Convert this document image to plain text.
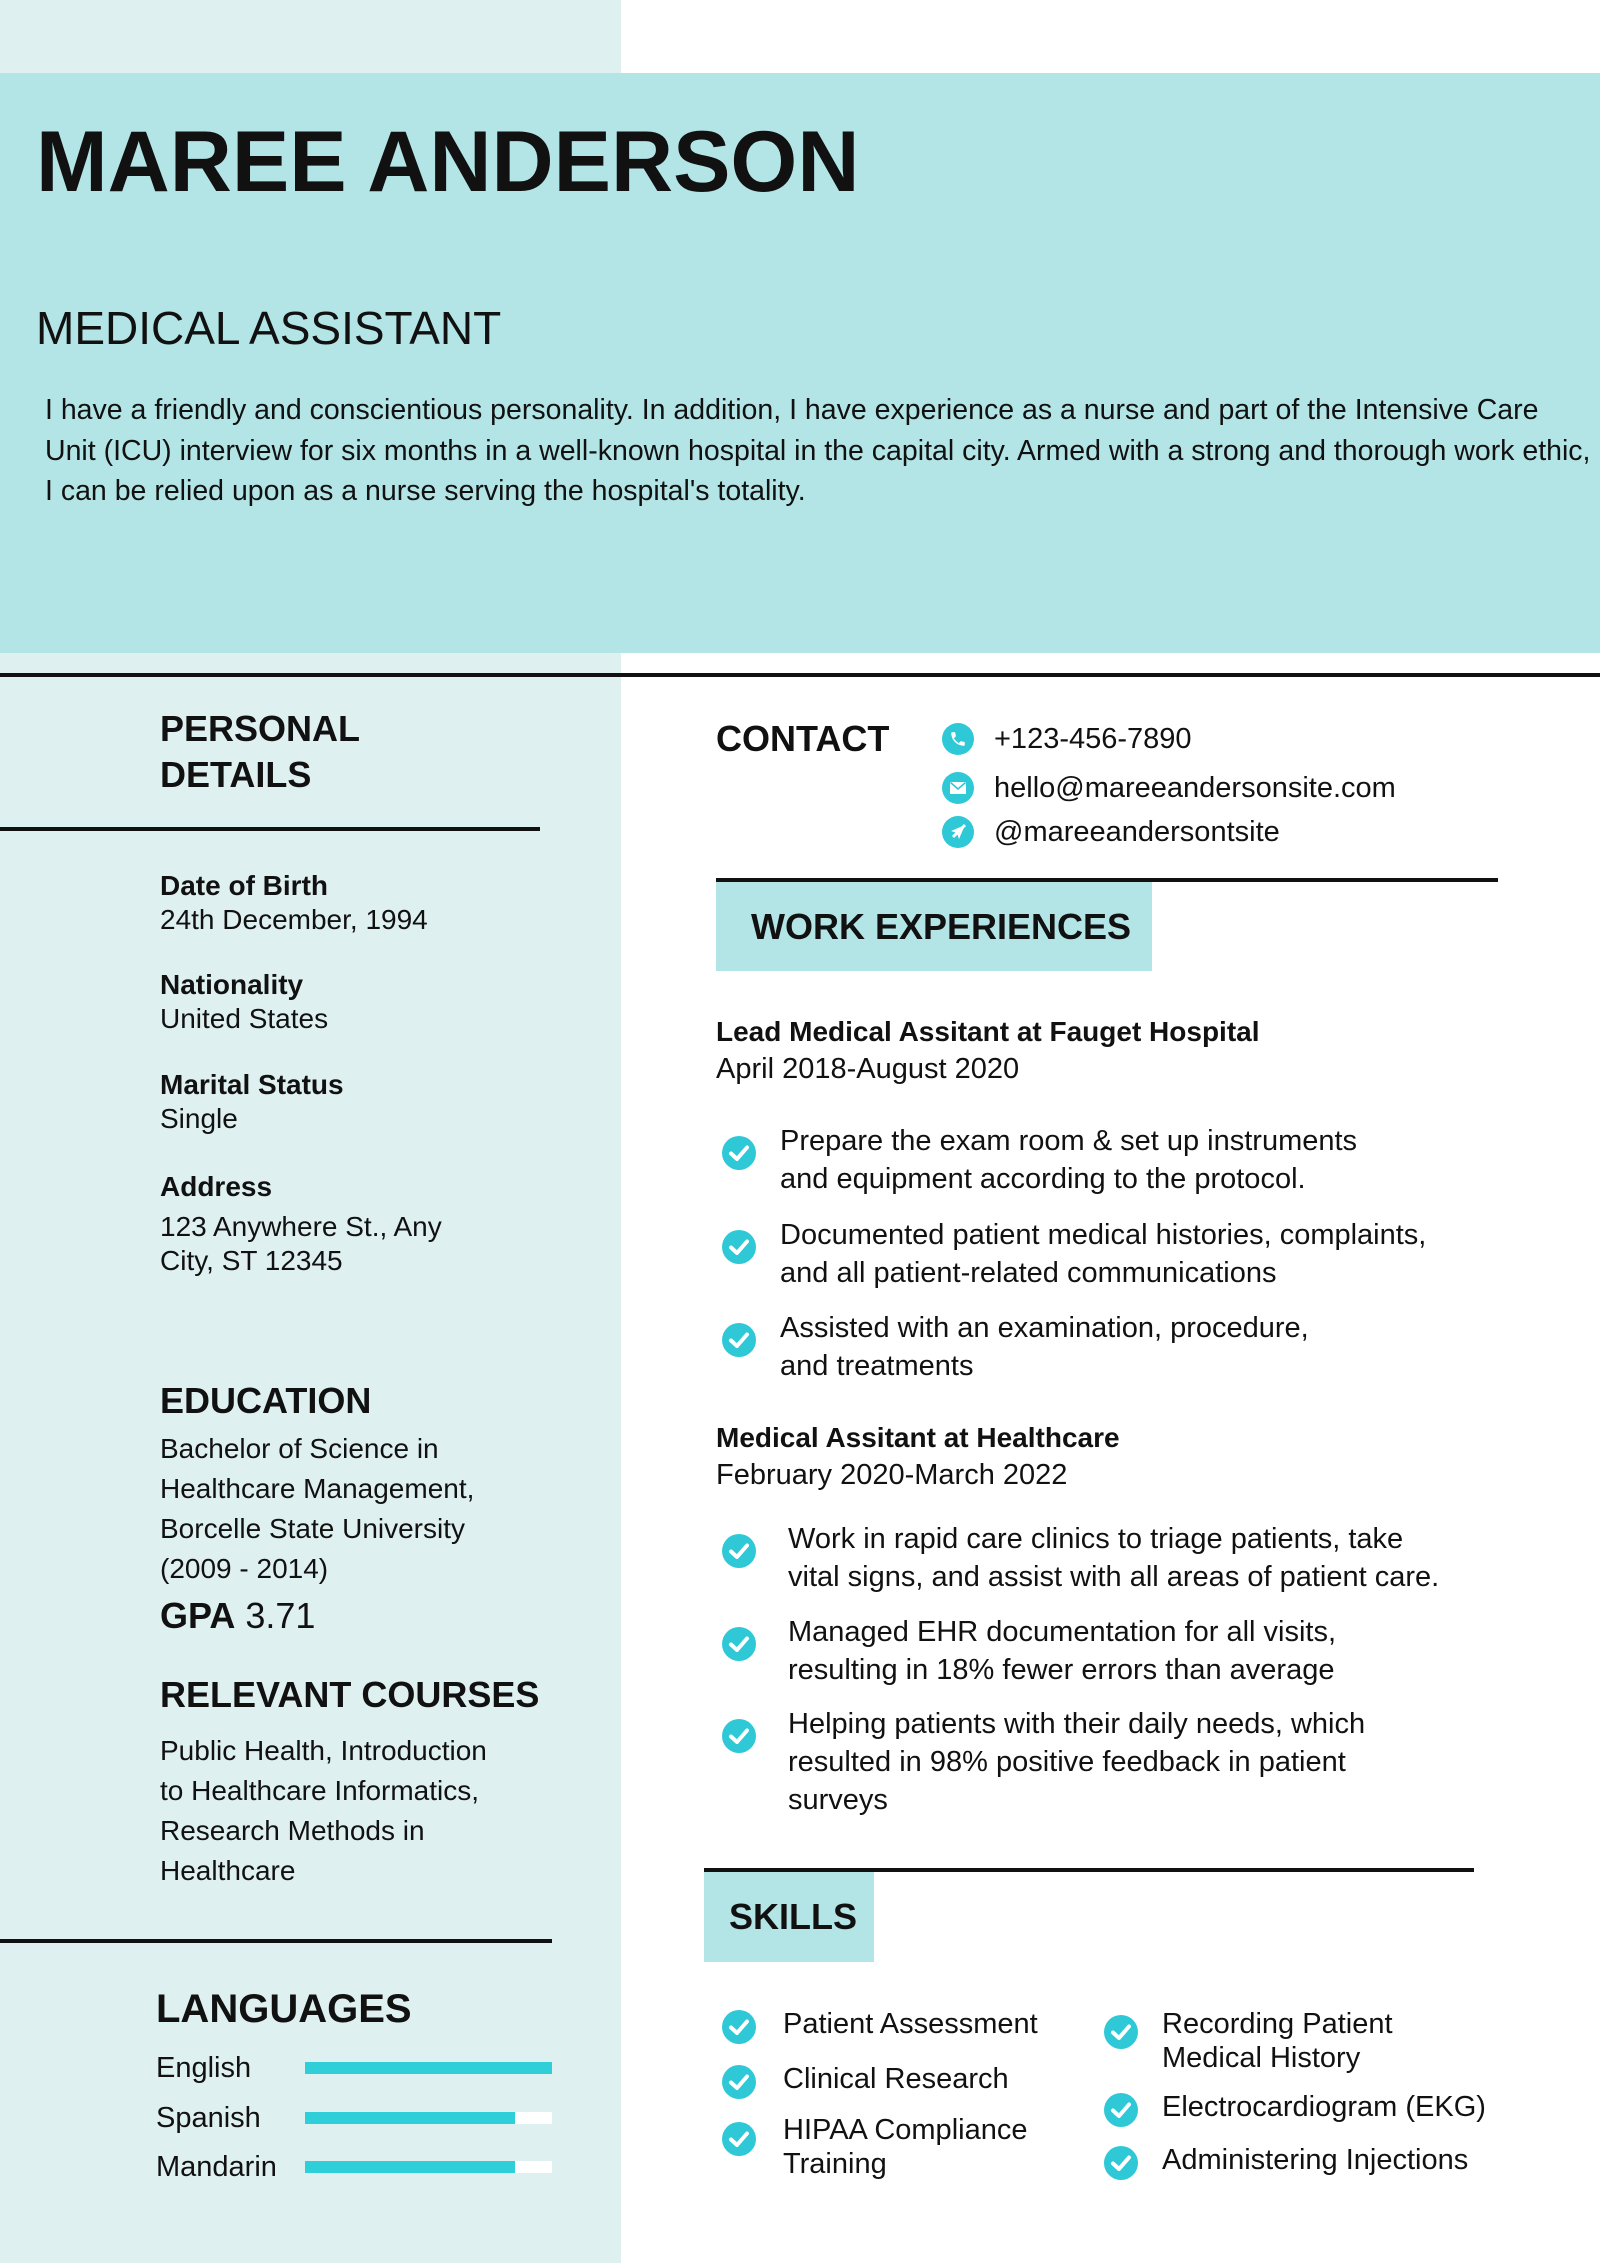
MAREE ANDERSON
MEDICAL ASSISTANT
I have a friendly and conscientious personality. In addition, I have experience as a nurse and part of the Intensive Care Unit (ICU) interview for six months in a well-known hospital in the capital city. Armed with a strong and thorough work ethic, I can be relied upon as a nurse serving the hospital's totality.
PERSONAL
DETAILS
Date of Birth
24th December, 1994
Nationality
United States
Marital Status
Single
Address
123 Anywhere St., Any
City, ST 12345
EDUCATION
Bachelor of Science in
Healthcare Management,
Borcelle State University
(2009 - 2014)
GPA 3.71
RELEVANT COURSES
Public Health, Introduction
to Healthcare Informatics,
Research Methods in
Healthcare
LANGUAGES
English
Spanish
Mandarin
CONTACT	+123-456-7890
hello@mareeandersonsite.com
@mareeandersontsite
WORK EXPERIENCES
Lead Medical Assitant at Fauget Hospital
April 2018-August 2020
Prepare the exam room & set up instruments
and equipment according to the protocol.
Documented patient medical histories, complaints,
and all patient-related communications
Assisted with an examination, procedure,
and treatments
Medical Assitant at Healthcare
February 2020-March 2022
Work in rapid care clinics to triage patients, take
vital signs, and assist with all areas of patient care.
Managed EHR documentation for all visits,
resulting in 18% fewer errors than average
Helping patients with their daily needs, which
resulted in 98% positive feedback in patient
surveys
SKILLS
Patient Assessment
Clinical Research
HIPAA Compliance
Training
Recording Patient
Medical History
Electrocardiogram (EKG)
Administering Injections
